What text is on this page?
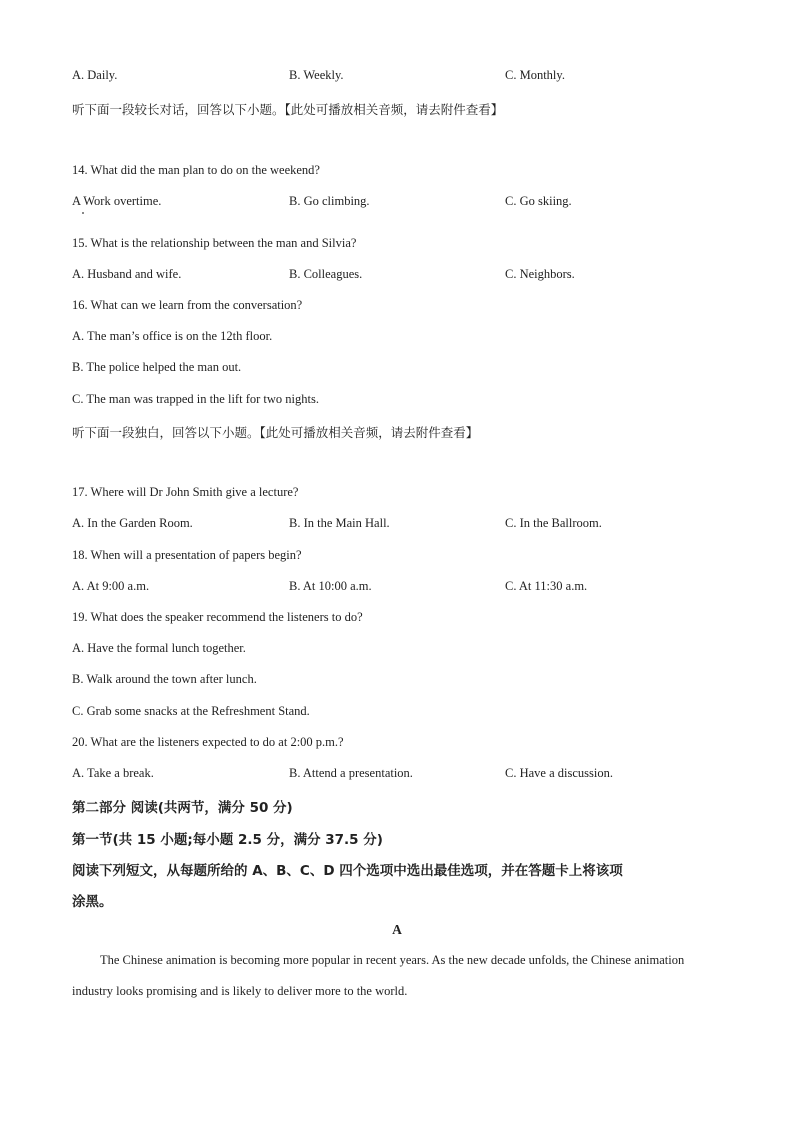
A. Daily.	B. Weekly.	C. Monthly.
听下面一段较长对话，回答以下小题。【此处可播放相关音频，请去附件查看】
14. What did the man plan to do on the weekend?
A Work overtime.	B. Go climbing.	C. Go skiing.
15. What is the relationship between the man and Silvia?
A. Husband and wife.	B. Colleagues.	C. Neighbors.
16. What can we learn from the conversation?
A. The man’s office is on the 12th floor.
B. The police helped the man out.
C. The man was trapped in the lift for two nights.
听下面一段独白，回答以下小题。【此处可播放相关音频，请去附件查看】
17. Where will Dr John Smith give a lecture?
A. In the Garden Room.	B. In the Main Hall.	C. In the Ballroom.
18. When will a presentation of papers begin?
A. At 9:00 a.m.	B. At 10:00 a.m.	C. At 11:30 a.m.
19. What does the speaker recommend the listeners to do?
A. Have the formal lunch together.
B. Walk around the town after lunch.
C. Grab some snacks at the Refreshment Stand.
20. What are the listeners expected to do at 2:00 p.m.?
A. Take a break.	B. Attend a presentation.	C. Have a discussion.
第二部分 阅读(共两节，满分 50 分)
第一节(共 15 小题;每小题 2.5 分，满分 37.5 分)
阅读下列短文，从每题所给的 A、B、C、D 四个选项中选出最佳选项，并在答题卡上将该项
涂黑。
A
The Chinese animation is becoming more popular in recent years. As the new decade unfolds, the Chinese animation industry looks promising and is likely to deliver more to the world.
